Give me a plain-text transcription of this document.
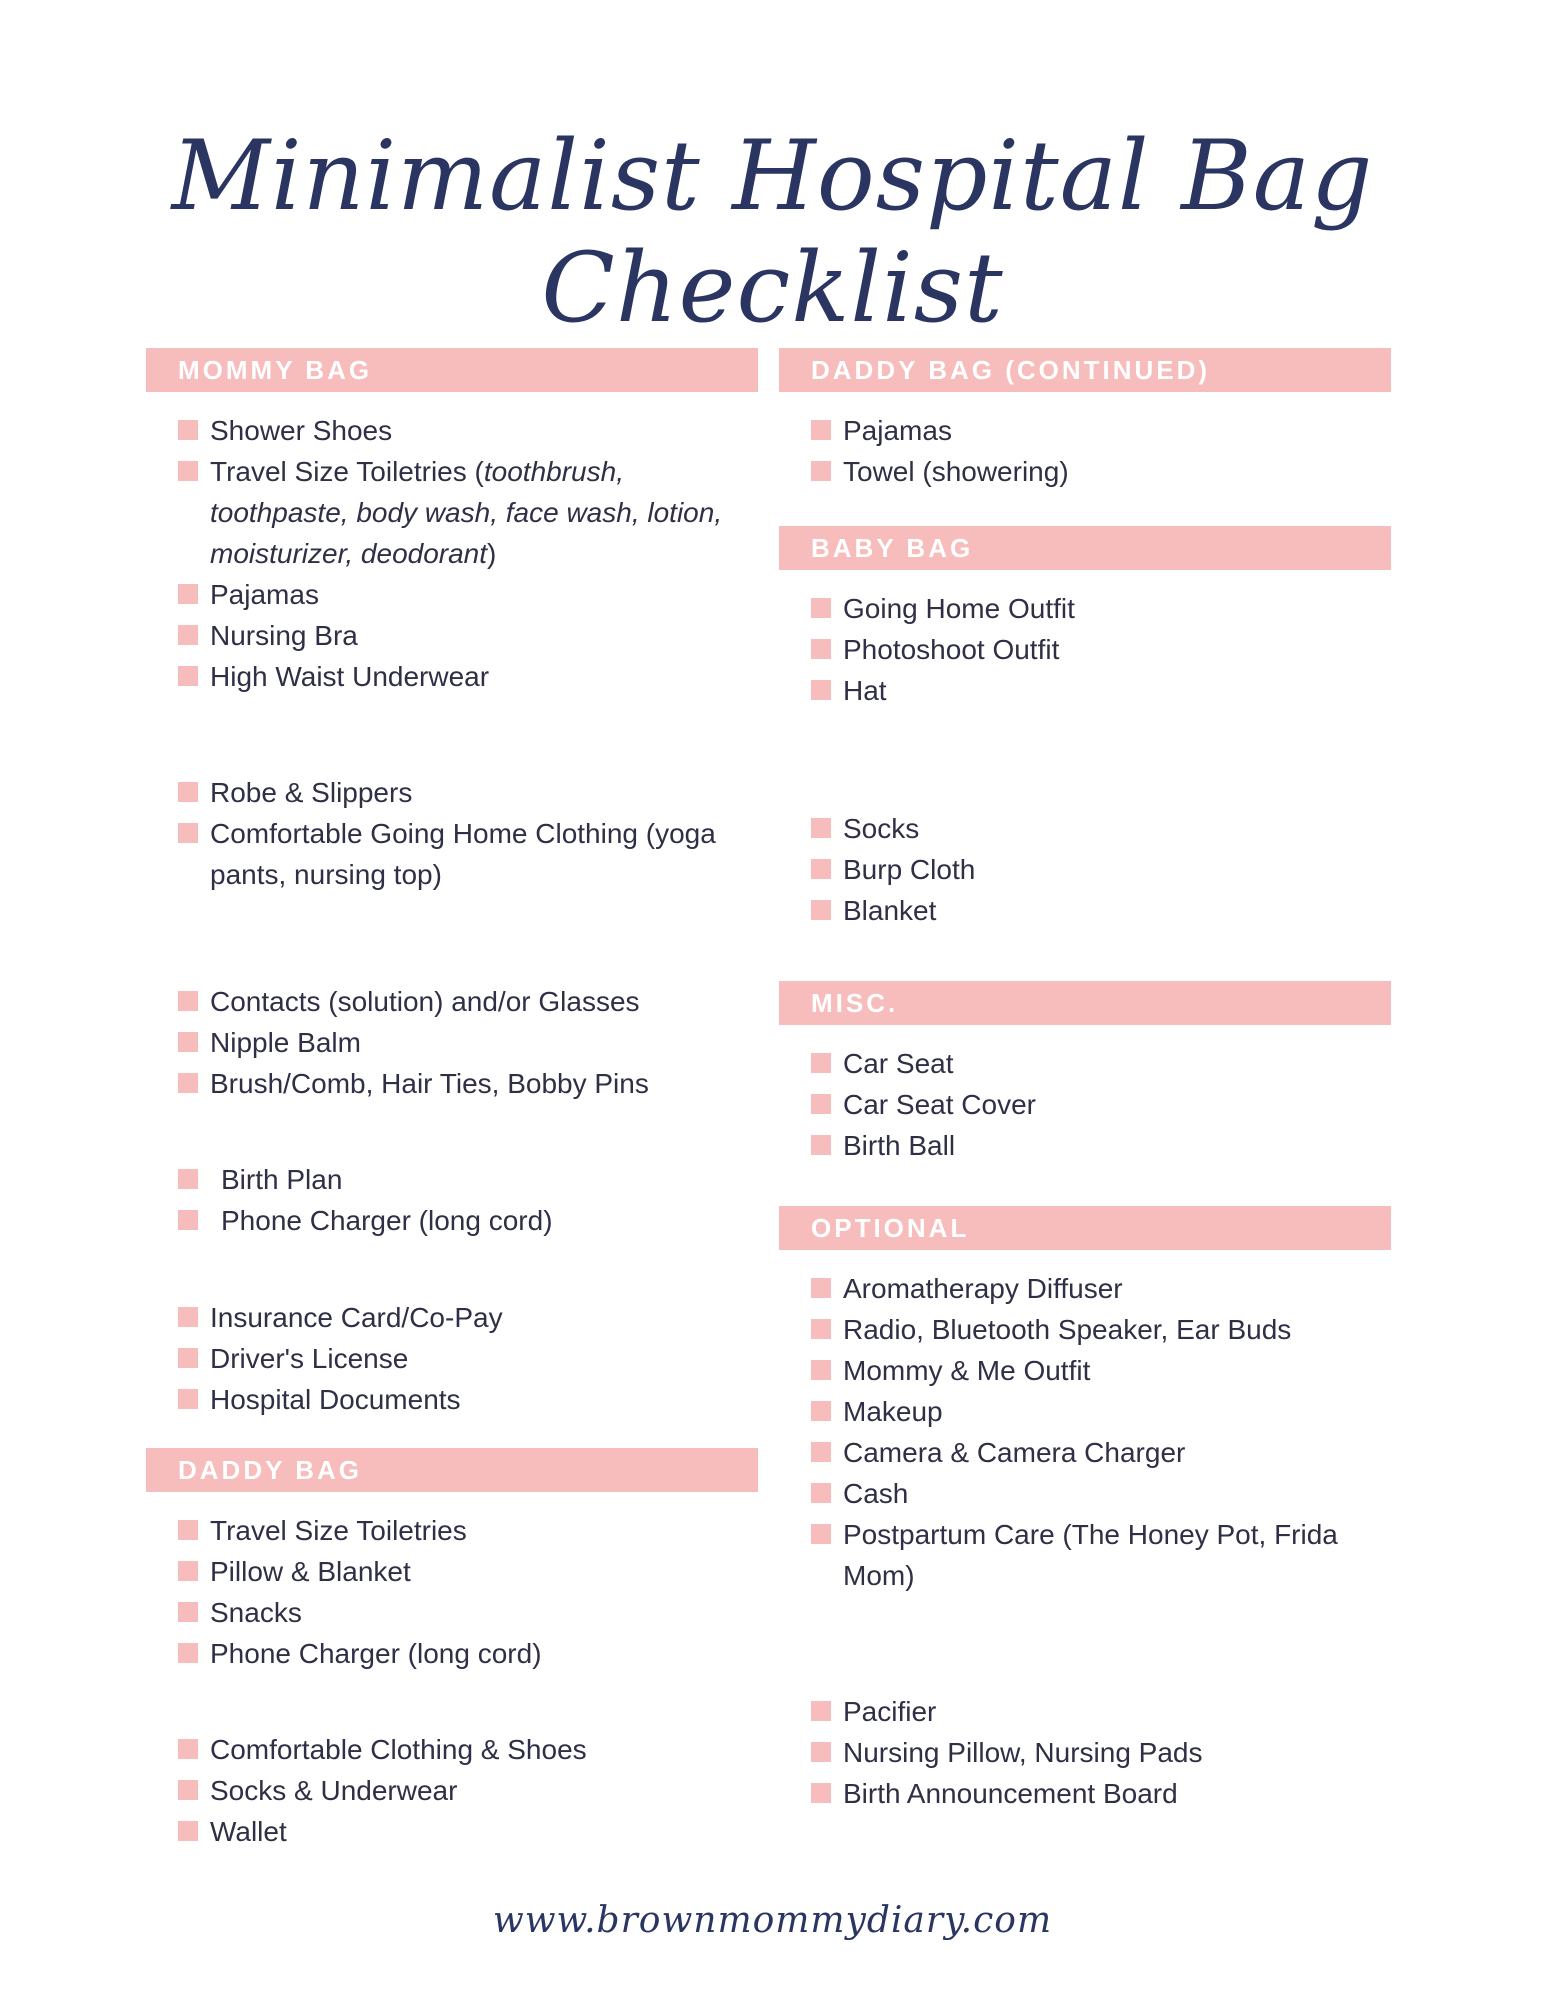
Minimalist Hospital Bag Checklist
MOMMY BAG
Shower Shoes
Travel Size Toiletries (toothbrush, toothpaste, body wash, face wash, lotion, moisturizer, deodorant)
Pajamas
Nursing Bra
High Waist Underwear
Robe & Slippers
Comfortable Going Home Clothing (yoga pants, nursing top)
Contacts (solution) and/or Glasses
Nipple Balm
Brush/Comb, Hair Ties, Bobby Pins
Birth Plan
Phone Charger (long cord)
Insurance Card/Co-Pay
Driver's License
Hospital Documents
DADDY BAG
Travel Size Toiletries
Pillow & Blanket
Snacks
Phone Charger (long cord)
Comfortable Clothing & Shoes
Socks & Underwear
Wallet
DADDY BAG (CONTINUED)
Pajamas
Towel (showering)
BABY BAG
Going Home Outfit
Photoshoot Outfit
Hat
Socks
Burp Cloth
Blanket
MISC.
Car Seat
Car Seat Cover
Birth Ball
OPTIONAL
Aromatherapy Diffuser
Radio, Bluetooth Speaker, Ear Buds
Mommy & Me Outfit
Makeup
Camera & Camera Charger
Cash
Postpartum Care (The Honey Pot, Frida Mom)
Pacifier
Nursing Pillow, Nursing Pads
Birth Announcement Board
www.brownmommydiary.com
